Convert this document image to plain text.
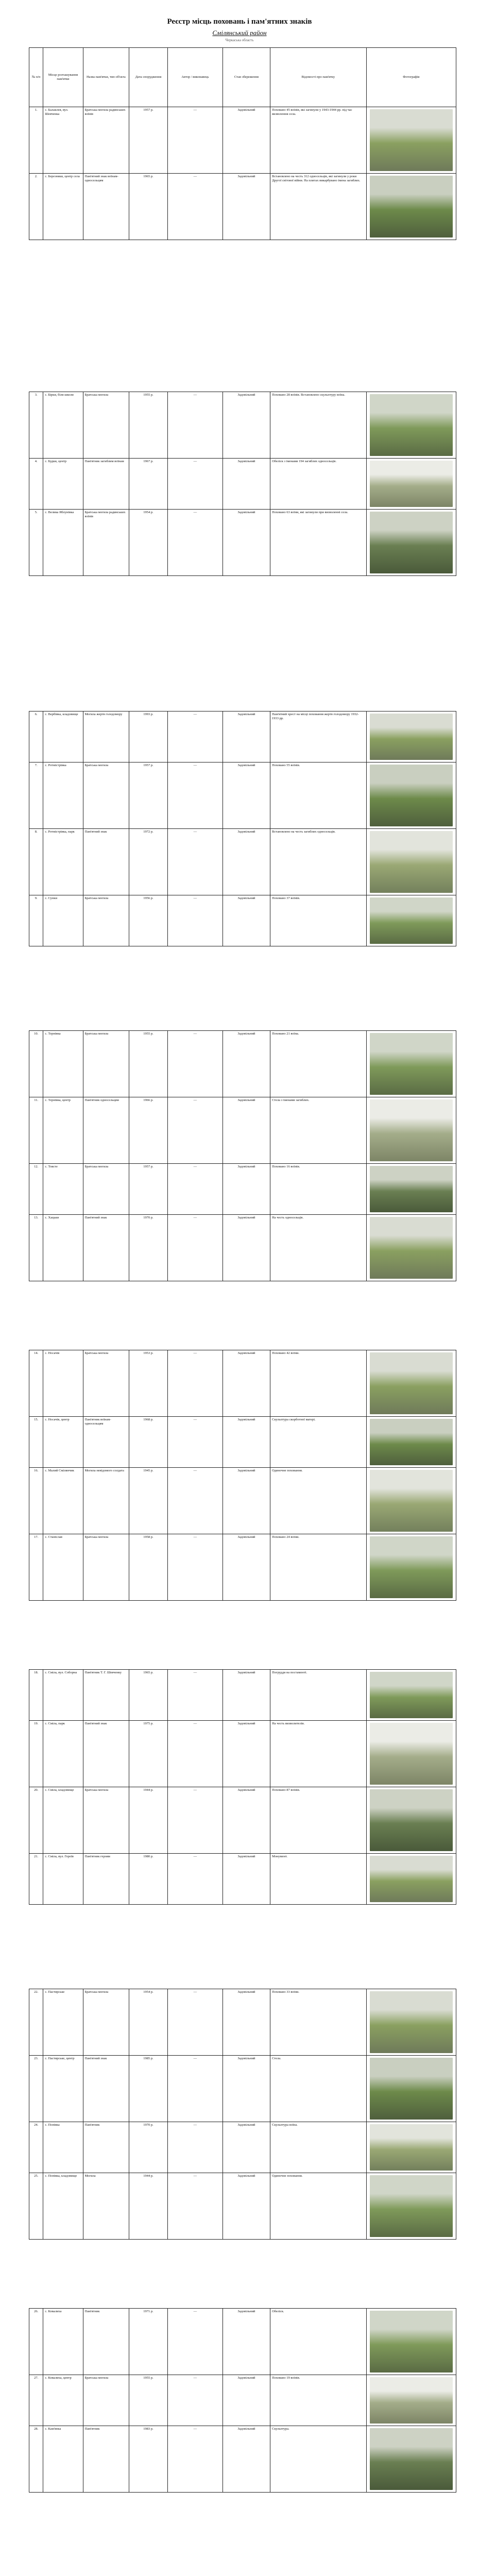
Реєстр місць поховань і пам'ятних знаків
Смілянський район
Черкаська область
№ п/п	Місце розташування пам'ятки	Назва пам'ятки, тип об'єкта	Дата спорудження	Автор / виконавець	Стан збереження	Відомості про пам'ятку	Фотографія
1.	с. Балаклея, вул. Шевченка	Братська могила радянських воїнів	1957 р.	—	Задовільний	Поховано 45 воїнів, які загинули у 1943-1944 рр. під час визволення села.	

2.	с. Березняки, центр села	Пам'ятний знак воїнам-односельцям	1965 р.	—	Задовільний	Встановлено на честь 312 односельців, які загинули у роки Другої світової війни. На плитах викарбувано імена загиблих.	
3.	с. Бірки, біля школи	Братська могила	1955 р.	—	Задовільний	Поховано 28 воїнів. Встановлено скульптуру воїна.	

4.	с. Будки, центр	Пам'ятник загиблим воїнам	1967 р.	—	Задовільний	Обеліск з іменами 194 загиблих односельців.	

5.	с. Велика Яблунівка	Братська могила радянських воїнів	1954 р.	—	Задовільний	Поховано 63 воїни, які загинули при визволенні села.	
6.	с. Вербівка, кладовище	Могила жертв голодомору	1993 р.	—	Задовільний	Пам'ятний хрест на місці поховання жертв голодомору 1932-1933 рр.	

7.	с. Ротмістрівка	Братська могила	1957 р.	—	Задовільний	Поховано 55 воїнів.	

8.	с. Ротмістрівка, парк	Пам'ятний знак	1972 р.	—	Задовільний	Встановлено на честь загиблих односельців.	

9.	с. Сунки	Братська могила	1956 р.	—	Задовільний	Поховано 37 воїнів.	
10.	с. Тернівка	Братська могила	1955 р.	—	Задовільний	Поховано 21 воїна.	

11.	с. Тернівка, центр	Пам'ятник односельцям	1966 р.	—	Задовільний	Стела з іменами загиблих.	

12.	с. Товсте	Братська могила	1957 р.	—	Задовільний	Поховано 16 воїнів.	

13.	с. Хацьки	Пам'ятний знак	1970 р.	—	Задовільний	На честь односельців.	
14.	с. Носачів	Братська могила	1953 р.	—	Задовільний	Поховано 42 воїни.	

15.	с. Носачів, центр	Пам'ятник воїнам-односельцям	1968 р.	—	Задовільний	Скульптура скорботної матері.	

16.	с. Малий Смілянчик	Могила невідомого солдата	1945 р.	—	Задовільний	Одиночне поховання.	

17.	с. Станіслав	Братська могила	1958 р.	—	Задовільний	Поховано 24 воїни.	
18.	с. Сміла, вул. Соборна	Пам'ятник Т. Г. Шевченку	1965 р.	—	Задовільний	Погруддя на постаменті.	

19.	с. Сміла, парк	Пам'ятний знак	1975 р.	—	Задовільний	На честь визволителів.	

20.	с. Сміла, кладовище	Братська могила	1944 р.	—	Задовільний	Поховано 87 воїнів.	

21.	с. Сміла, вул. Героїв	Пам'ятник героям	1980 р.	—	Задовільний	Монумент.	
22.	с. Пастирське	Братська могила	1954 р.	—	Задовільний	Поховано 33 воїни.	

23.	с. Пастирське, центр	Пам'ятний знак	1985 р.	—	Задовільний	Стела.	

24.	с. Попівка	Пам'ятник	1970 р.	—	Задовільний	Скульптура воїна.	

25.	с. Попівка, кладовище	Могила	1944 р.	—	Задовільний	Одиночне поховання.	
26.	с. Ковалиха	Пам'ятник	1971 р.	—	Задовільний	Обеліск.	

27.	с. Ковалиха, центр	Братська могила	1955 р.	—	Задовільний	Поховано 19 воїнів.	

28.	с. Кам'янка	Пам'ятник	1983 р.	—	Задовільний	Скульптура.	
